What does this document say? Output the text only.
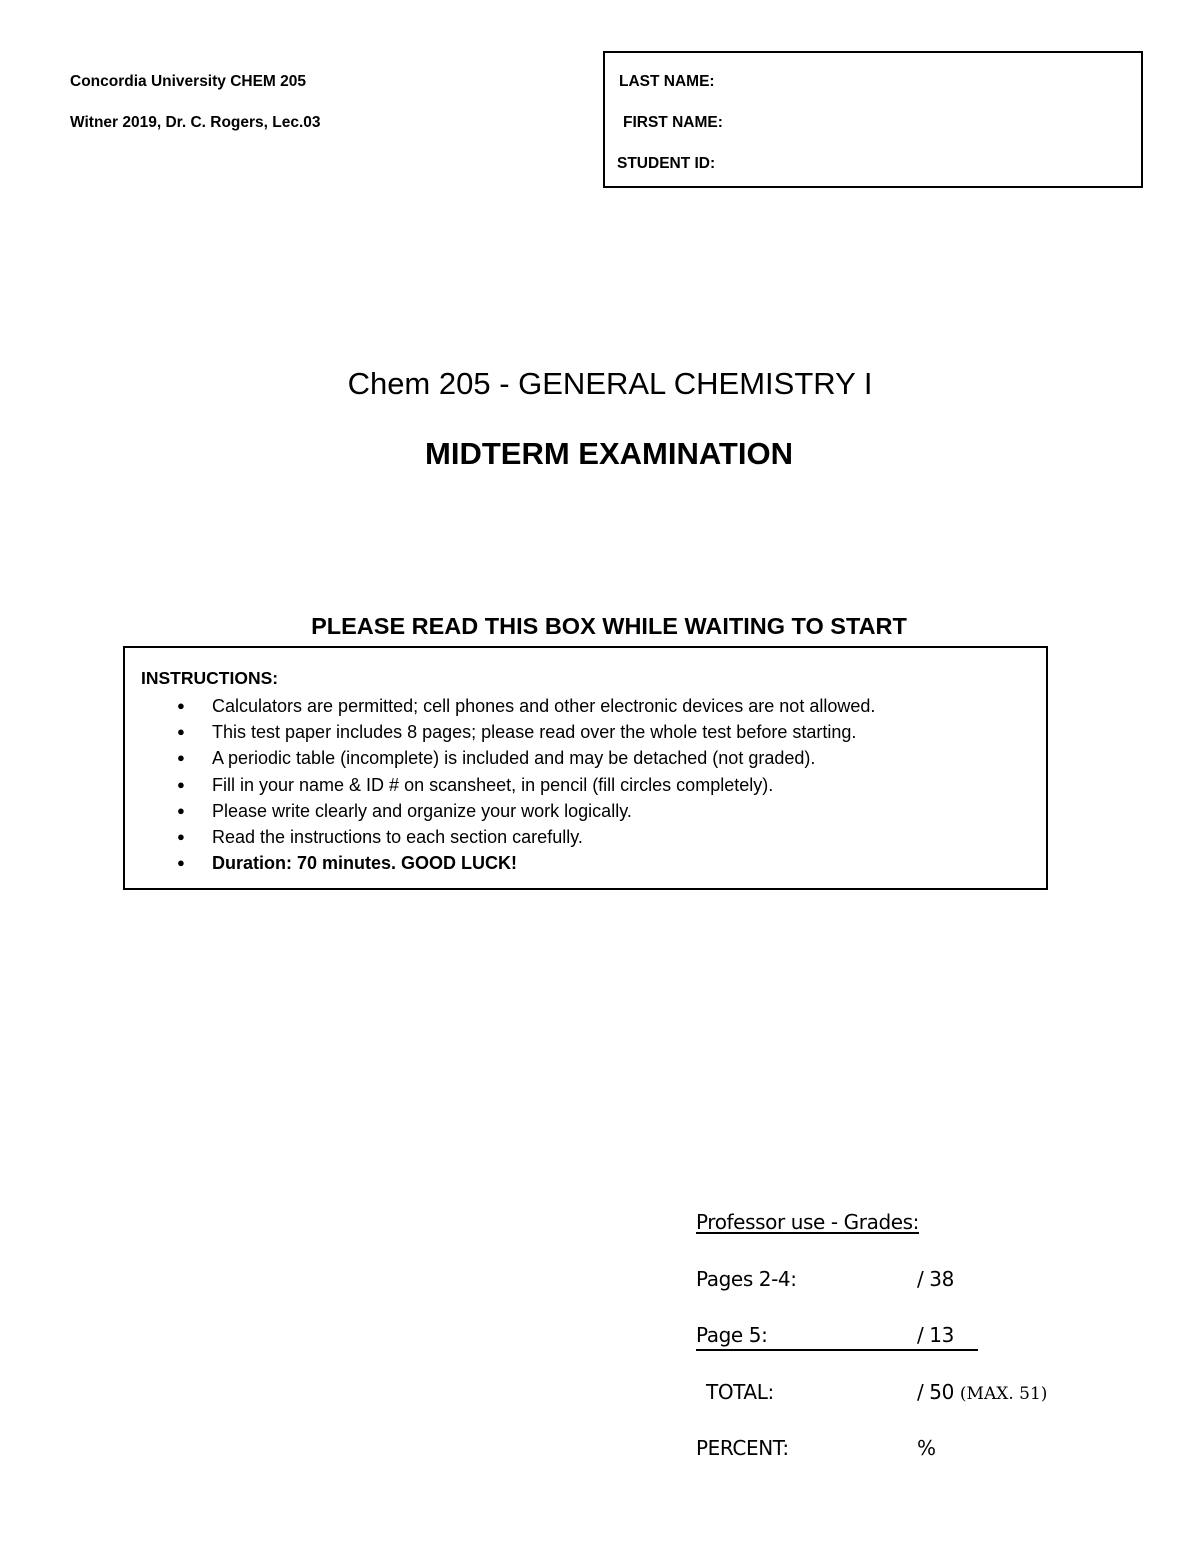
Concordia University CHEM 205
Witner 2019, Dr. C. Rogers, Lec.03
LAST NAME:
FIRST NAME:
STUDENT ID:
Chem 205 - GENERAL CHEMISTRY I
MIDTERM EXAMINATION
PLEASE READ THIS BOX WHILE WAITING TO START
INSTRUCTIONS:
● Calculators are permitted; cell phones and other electronic devices are not allowed.
● This test paper includes 8 pages; please read over the whole test before starting.
● A periodic table (incomplete) is included and may be detached (not graded).
● Fill in your name & ID # on scansheet, in pencil (fill circles completely).
● Please write clearly and organize your work logically.
● Read the instructions to each section carefully.
● Duration: 70 minutes. GOOD LUCK!
Professor use - Grades:
Pages 2-4:	/ 38
Page 5:	/ 13
TOTAL:	/ 50 (MAX. 51)
PERCENT:	%
